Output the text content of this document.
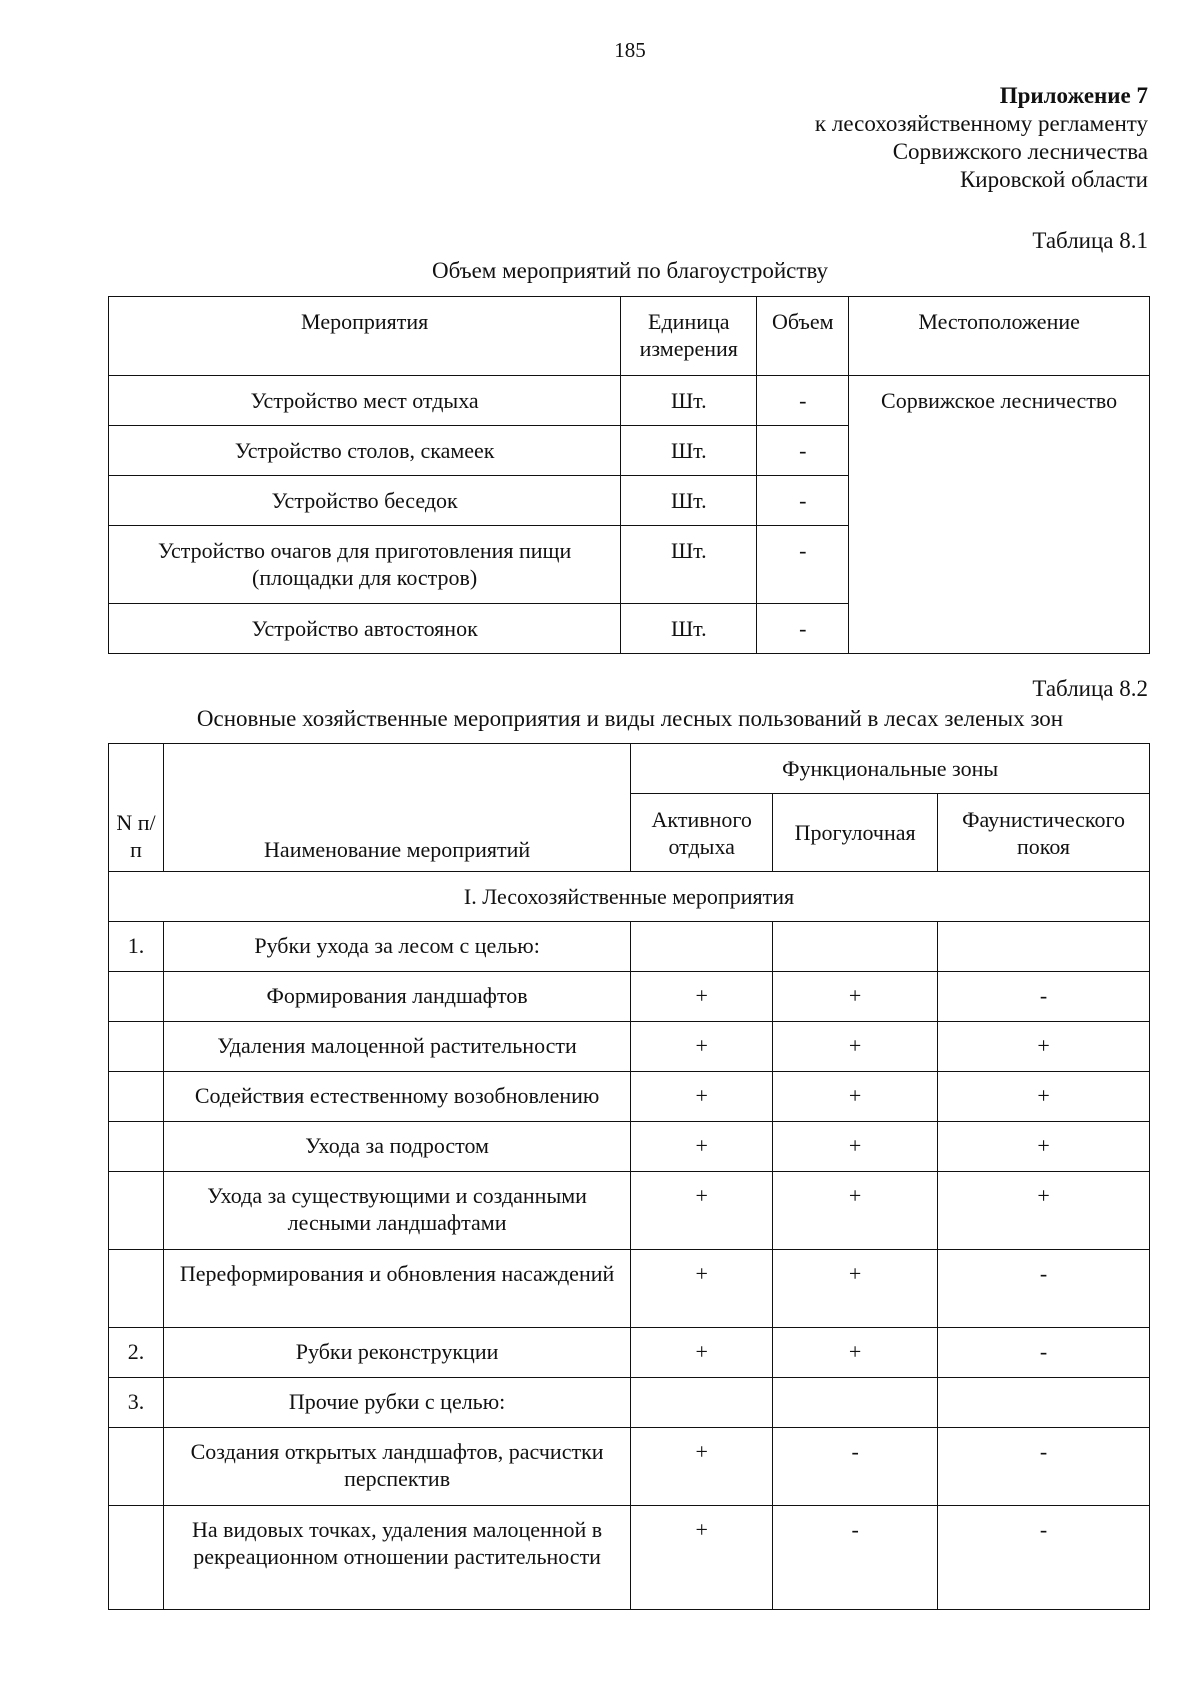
185
Приложение 7
к лесохозяйственному регламенту
Сорвижского лесничества
Кировской области
Таблица 8.1
Объем мероприятий по благоустройству
Мероприятия	Единица измерения	Объем	Местоположение
Устройство мест отдыха	Шт.	-	Сорвижское лесничество
Устройство столов, скамеек	Шт.	-	
Устройство беседок	Шт.	-	
Устройство очагов для приготовления пищи (площадки для костров)	Шт.	-	
Устройство автостоянок	Шт.	-	
Таблица 8.2
Основные хозяйственные мероприятия и виды лесных пользований в лесах зеленых зон
N п/п	Наименование мероприятий	Функциональные зоны		
		Активного отдыха	Прогулочная	Фаунистического покоя
I. Лесохозяйственные мероприятия				
1.	Рубки ухода за лесом с целью:			
	Формирования ландшафтов	+	+	-
	Удаления малоценной растительности	+	+	+
	Содействия естественному возобновлению	+	+	+
	Ухода за подростом	+	+	+
	Ухода за существующими и созданными лесными ландшафтами	+	+	+
	Переформирования и обновления насаждений	+	+	-
2.	Рубки реконструкции	+	+	-
3.	Прочие рубки с целью:			
	Создания открытых ландшафтов, расчистки перспектив	+	-	-
	На видовых точках, удаления малоценной в рекреационном отношении растительности	+	-	-
